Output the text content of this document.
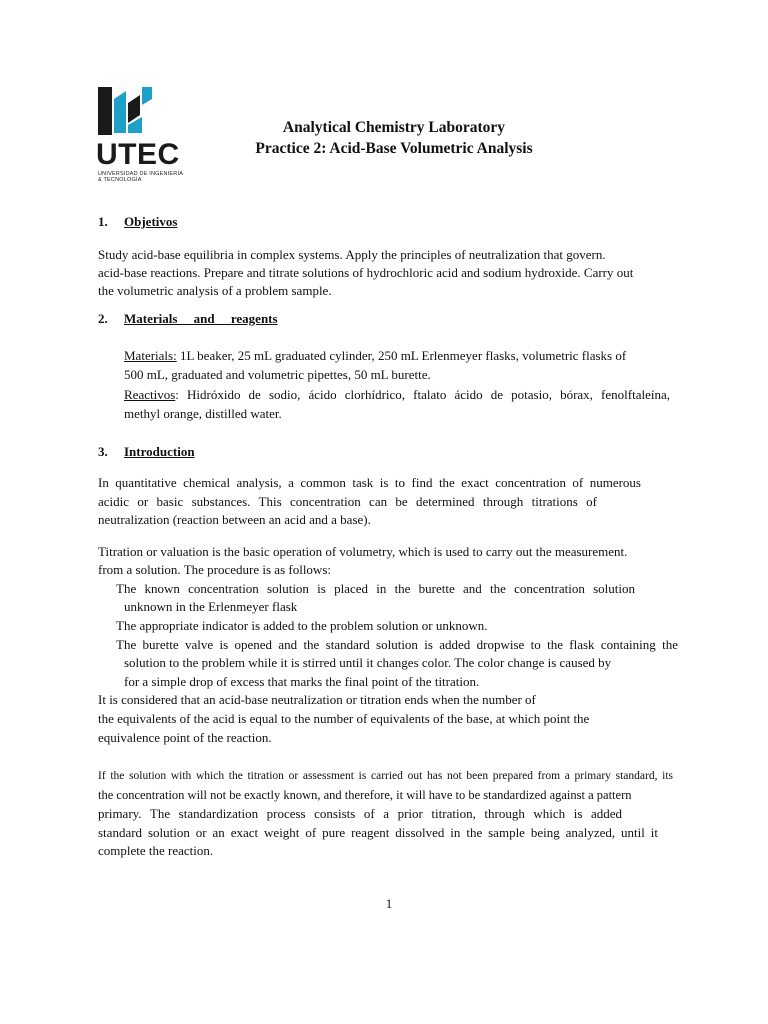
UTEC
UNIVERSIDAD DE INGENIERÍA
& TECNOLOGÍA
Analytical Chemistry Laboratory
Practice 2: Acid-Base Volumetric Analysis
1. Objetivos
Study acid-base equilibria in complex systems. Apply the principles of neutralization that govern.
acid-base reactions. Prepare and titrate solutions of hydrochloric acid and sodium hydroxide. Carry out
the volumetric analysis of a problem sample.
2. Materials     and     reagents
Materials: 1L beaker, 25 mL graduated cylinder, 250 mL Erlenmeyer flasks, volumetric flasks of
500 mL, graduated and volumetric pipettes, 50 mL burette.
Reactivos: Hidróxido de sodio, ácido clorhídrico, ftalato ácido de potasio, bórax, fenolftaleína,
methyl orange, distilled water.
3. Introduction
In quantitative chemical analysis, a common task is to find the exact concentration of numerous
acidic or basic substances. This concentration can be determined through titrations of
neutralization (reaction between an acid and a base).
Titration or valuation is the basic operation of volumetry, which is used to carry out the measurement.
from a solution. The procedure is as follows:
The known concentration solution is placed in the burette and the concentration solution
unknown in the Erlenmeyer flask
The appropriate indicator is added to the problem solution or unknown.
The burette valve is opened and the standard solution is added dropwise to the flask containing the
solution to the problem while it is stirred until it changes color. The color change is caused by
for a simple drop of excess that marks the final point of the titration.
It is considered that an acid-base neutralization or titration ends when the number of
the equivalents of the acid is equal to the number of equivalents of the base, at which point the
equivalence point of the reaction.
If the solution with which the titration or assessment is carried out has not been prepared from a primary standard, its
the concentration will not be exactly known, and therefore, it will have to be standardized against a pattern
primary. The standardization process consists of a prior titration, through which is added
standard solution or an exact weight of pure reagent dissolved in the sample being analyzed, until it
complete the reaction.
1
